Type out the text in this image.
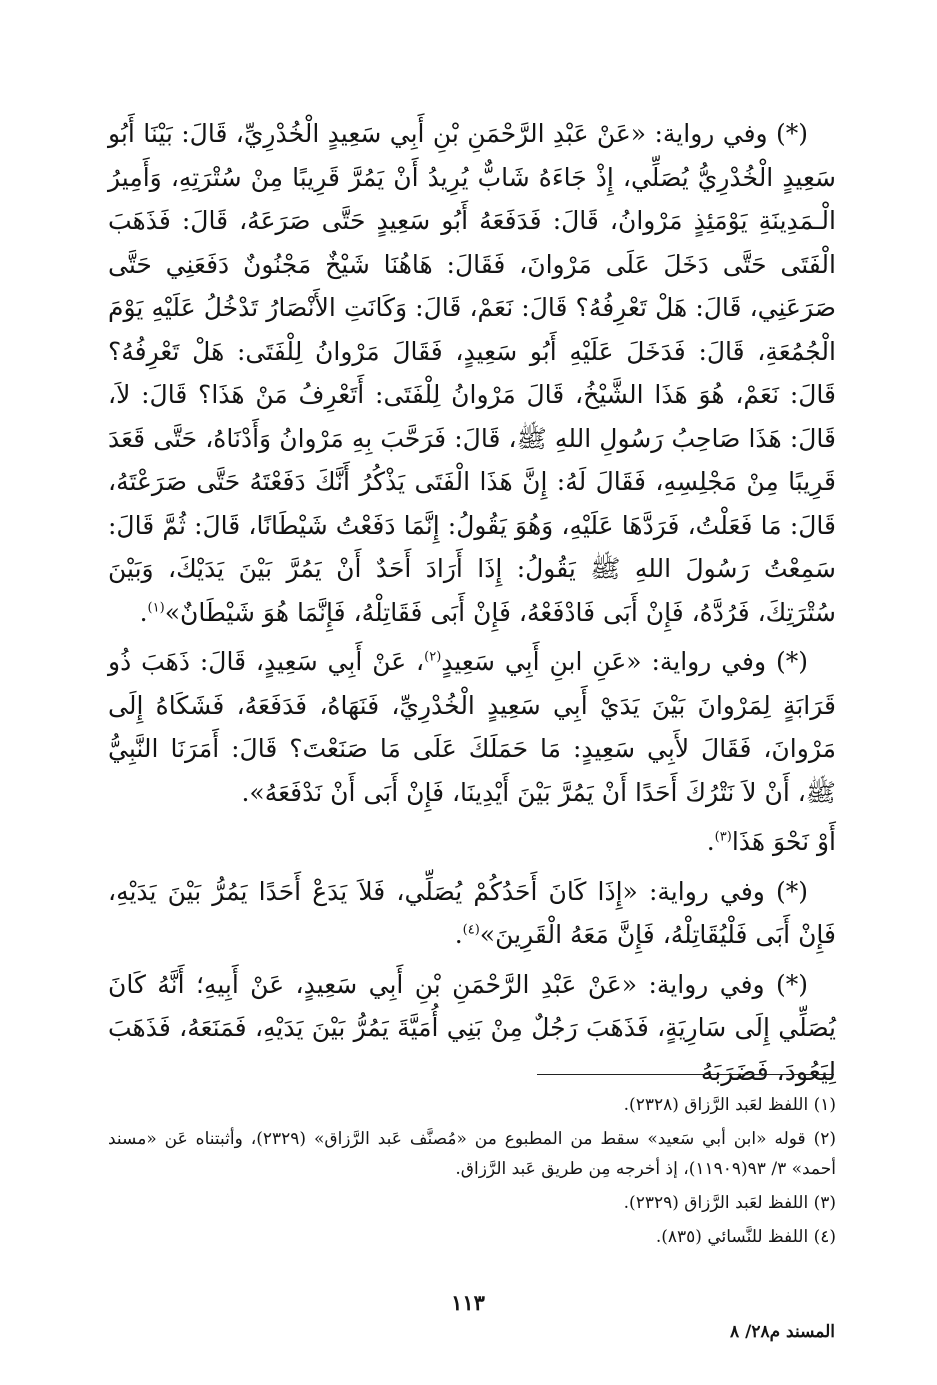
(*) وفي رواية: «عَنْ عَبْدِ الرَّحْمَنِ بْنِ أَبِي سَعِيدٍ الْخُدْرِيِّ، قَالَ: بَيْنَا أَبُو سَعِيدٍ الْخُدْرِيُّ يُصَلِّي، إِذْ جَاءَهُ شَابٌّ يُرِيدُ أَنْ يَمُرَّ قَرِيبًا مِنْ سُتْرَتِهِ، وَأَمِيرُ الْـمَدِينَةِ يَوْمَئِذٍ مَرْوانُ، قَالَ: فَدَفَعَهُ أَبُو سَعِيدٍ حَتَّى صَرَعَهُ، قَالَ: فَذَهَبَ الْفَتَى حَتَّى دَخَلَ عَلَى مَرْوانَ، فَقَالَ: هَاهُنَا شَيْخٌ مَجْنُونٌ دَفَعَنِي حَتَّى صَرَعَنِي، قَالَ: هَلْ تَعْرِفُهُ؟ قَالَ: نَعَمْ، قَالَ: وَكَانَتِ الأَنْصَارُ تَدْخُلُ عَلَيْهِ يَوْمَ الْجُمُعَةِ، قَالَ: فَدَخَلَ عَلَيْهِ أَبُو سَعِيدٍ، فَقَالَ مَرْوانُ لِلْفَتَى: هَلْ تَعْرِفُهُ؟ قَالَ: نَعَمْ، هُوَ هَذَا الشَّيْخُ، قَالَ مَرْوانُ لِلْفَتَى: أَتَعْرِفُ مَنْ هَذَا؟ قَالَ: لاَ، قَالَ: هَذَا صَاحِبُ رَسُولِ اللهِ ﷺ، قَالَ: فَرَحَّبَ بِهِ مَرْوانُ وَأَدْنَاهُ، حَتَّى قَعَدَ قَرِيبًا مِنْ مَجْلِسِهِ، فَقَالَ لَهُ: إِنَّ هَذَا الْفَتَى يَذْكُرُ أَنَّكَ دَفَعْتَهُ حَتَّى صَرَعْتَهُ، قَالَ: مَا فَعَلْتُ، فَرَدَّهَا عَلَيْهِ، وَهُوَ يَقُولُ: إِنَّمَا دَفَعْتُ شَيْطَانًا، قَالَ: ثُمَّ قَالَ: سَمِعْتُ رَسُولَ اللهِ ﷺ يَقُولُ: إِذَا أَرَادَ أَحَدٌ أَنْ يَمُرَّ بَيْنَ يَدَيْكَ، وَبَيْنَ سُتْرَتِكَ، فَرُدَّهُ، فَإِنْ أَبَى فَادْفَعْهُ، فَإِنْ أَبَى فَقَاتِلْهُ، فَإِنَّمَا هُوَ شَيْطَانٌ»$^{(١)}$.

(*) وفي رواية: «عَنِ ابنِ أَبِي سَعِيدٍ$^{(٢)}$، عَنْ أَبِي سَعِيدٍ، قَالَ: ذَهَبَ ذُو قَرَابَةٍ لِمَرْوانَ بَيْنَ يَدَيْ أَبِي سَعِيدٍ الْخُدْرِيِّ، فَنَهَاهُ، فَدَفَعَهُ، فَشَكَاهُ إِلَى مَرْوانَ، فَقَالَ لأَبِي سَعِيدٍ: مَا حَمَلَكَ عَلَى مَا صَنَعْتَ؟ قَالَ: أَمَرَنَا النَّبِيُّ ﷺ، أَنْ لاَ نَتْرُكَ أَحَدًا أَنْ يَمُرَّ بَيْنَ أَيْدِينَا، فَإِنْ أَبَى أَنْ نَدْفَعَهُ».

أَوْ نَحْوَ هَذَا$^{(٣)}$.

(*) وفي رواية: «إِذَا كَانَ أَحَدُكُمْ يُصَلِّي، فَلاَ يَدَعْ أَحَدًا يَمُرُّ بَيْنَ يَدَيْهِ، فَإِنْ أَبَى فَلْيُقَاتِلْهُ، فَإِنَّ مَعَهُ الْقَرِينَ»$^{(٤)}$.

(*) وفي رواية: «عَنْ عَبْدِ الرَّحْمَنِ بْنِ أَبِي سَعِيدٍ، عَنْ أَبِيهِ؛ أَنَّهُ كَانَ يُصَلِّي إِلَى سَارِيَةٍ، فَذَهَبَ رَجُلٌ مِنْ بَنِي أُمَيَّةَ يَمُرُّ بَيْنَ يَدَيْهِ، فَمَنَعَهُ، فَذَهَبَ لِيَعُودَ، فَضَرَبَهُ

(١) اللفظ لعَبد الرَّزاق (٢٣٢٨).

(٢) قوله «ابن أبي سَعيد» سقط من المطبوع من «مُصنَّف عَبد الرَّزاق» (٢٣٢٩)، وأثبتناه عَن «مسند أحمد» ٣/ ٩٣(١١٩٠٩)، إذ أخرجه مِن طريق عَبد الرَّزاق.

(٣) اللفظ لعَبد الرَّزاق (٢٣٢٩).

(٤) اللفظ للنَّسائي (٨٣٥).

١١٣
المسند م٢٨/ ٨
